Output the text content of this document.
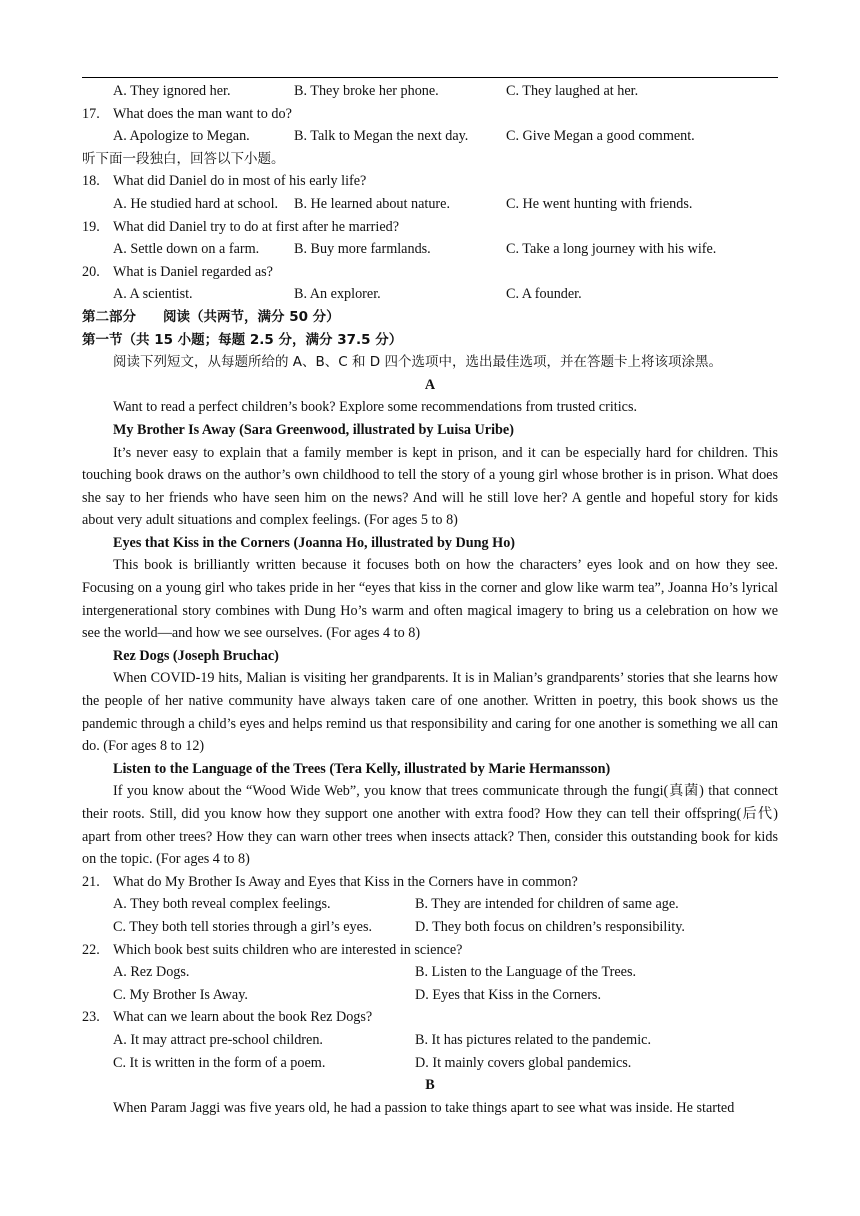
A. They ignored her.	B. They broke her phone.	C. They laughed at her.
17. What does the man want to do?
A. Apologize to Megan.	B. Talk to Megan the next day.	C. Give Megan a good comment.

听下面一段独白，回答以下小题。

18. What did Daniel do in most of his early life?
A. He studied hard at school.	B. He learned about nature.	C. He went hunting with friends.
19. What did Daniel try to do at first after he married?
A. Settle down on a farm.	B. Buy more farmlands.	C. Take a long journey with his wife.
20. What is Daniel regarded as?
A. A scientist.	B. An explorer.	C. A founder.

第二部分　　阅读（共两节，满分 50 分）

第一节（共 15 小题；每题 2.5 分，满分 37.5 分）

阅读下列短文，从每题所给的 A、B、C 和 D 四个选项中，选出最佳选项，并在答题卡上将该项涂黑。

A

Want to read a perfect children’s book? Explore some recommendations from trusted critics.

My Brother Is Away (Sara Greenwood, illustrated by Luisa Uribe)

It’s never easy to explain that a family member is kept in prison, and it can be especially hard for children. This touching book draws on the author’s own childhood to tell the story of a young girl whose brother is in prison. What does she say to her friends who have seen him on the news? And will he still love her? A gentle and hopeful story for kids about very adult situations and complex feelings. (For ages 5 to 8)

Eyes that Kiss in the Corners (Joanna Ho, illustrated by Dung Ho)

This book is brilliantly written because it focuses both on how the characters’ eyes look and on how they see. Focusing on a young girl who takes pride in her “eyes that kiss in the corner and glow like warm tea”, Joanna Ho’s lyrical intergenerational story combines with Dung Ho’s warm and often magical imagery to bring us a celebration on how we see the world—and how we see ourselves. (For ages 4 to 8)

Rez Dogs (Joseph Bruchac)

When COVID-19 hits, Malian is visiting her grandparents. It is in Malian’s grandparents’ stories that she learns how the people of her native community have always taken care of one another. Written in poetry, this book shows us the pandemic through a child’s eyes and helps remind us that responsibility and caring for one another is something we all can do. (For ages 8 to 12)

Listen to the Language of the Trees (Tera Kelly, illustrated by Marie Hermansson)

If you know about the “Wood Wide Web”, you know that trees communicate through the fungi(真菌) that connect their roots. Still, did you know how they support one another with extra food? How they can tell their offspring(后代) apart from other trees? How they can warn other trees when insects attack? Then, consider this outstanding book for kids on the topic. (For ages 4 to 8)

21. What do My Brother Is Away and Eyes that Kiss in the Corners have in common?
A. They both reveal complex feelings.	B. They are intended for children of same age.
C. They both tell stories through a girl’s eyes.	D. They both focus on children’s responsibility.
22. Which book best suits children who are interested in science?
A. Rez Dogs.	B. Listen to the Language of the Trees.
C. My Brother Is Away.	D. Eyes that Kiss in the Corners.
23. What can we learn about the book Rez Dogs?
A. It may attract pre-school children.	B. It has pictures related to the pandemic.
C. It is written in the form of a poem.	D. It mainly covers global pandemics.

B

When Param Jaggi was five years old, he had a passion to take things apart to see what was inside. He started
